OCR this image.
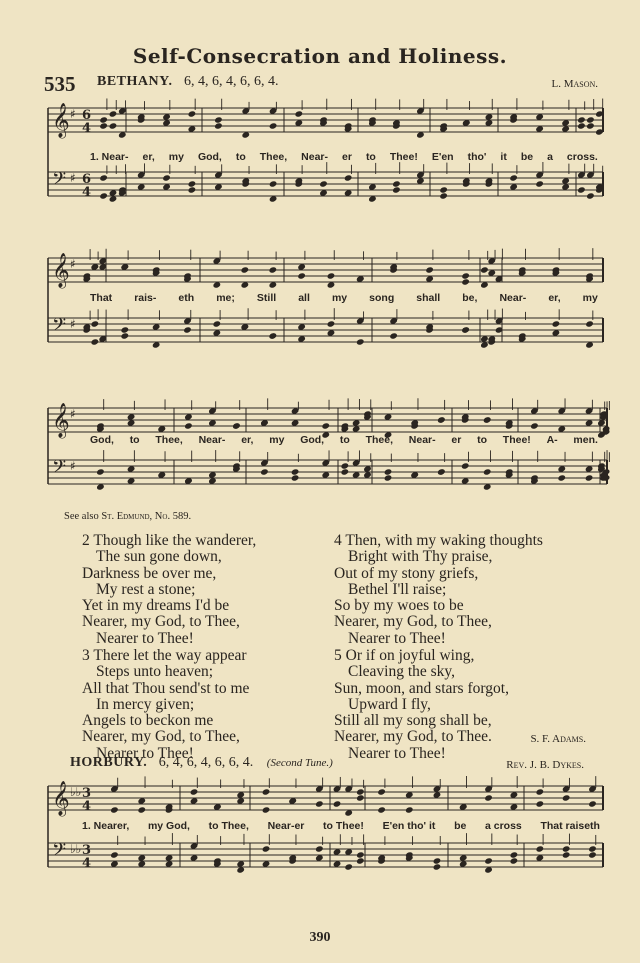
Self-Consecration and Holiness.
535 BETHANY. 6, 4, 6, 4, 6, 6, 4.	L. Mason.
𝄞 ♯ 6
4
𝄢 ♯ 6
4
𝄞 ♯
𝄢 ♯
𝄞 ♯
𝄢 ♯
𝄞 ♭♭ 3
4
𝄢 ♭♭ 3
4
1. Near- er, my God, to Thee, Near- er to Thee! E'en tho' it be a cross.
That rais- eth me; Still all my song shall be, Near- er, my
God, to Thee, Near- er, my God, to Thee, Near- er to Thee! A- men.
See also St. Edmund, No. 589.
2 Though like the wanderer,
The sun gone down,
Darkness be over me,
My rest a stone;
Yet in my dreams I'd be
Nearer, my God, to Thee,
Nearer to Thee!
3 There let the way appear
Steps unto heaven;
All that Thou send'st to me
In mercy given;
Angels to beckon me
Nearer, my God, to Thee,
Nearer to Thee!
4 Then, with my waking thoughts
Bright with Thy praise,
Out of my stony griefs,
Bethel I'll raise;
So by my woes to be
Nearer, my God, to Thee,
Nearer to Thee!
5 Or if on joyful wing,
Cleaving the sky,
Sun, moon, and stars forgot,
Upward I fly,
Still all my song shall be,
Nearer, my God, to Thee.
Nearer to Thee!
S. F. Adams.
HORBURY. 6, 4, 6, 4, 6, 6, 4. (Second Tune.)	Rev. J. B. Dykes.
1. Nearer, my God, to Thee, Near-er to Thee! E'en tho' it be a cross That raiseth
390
